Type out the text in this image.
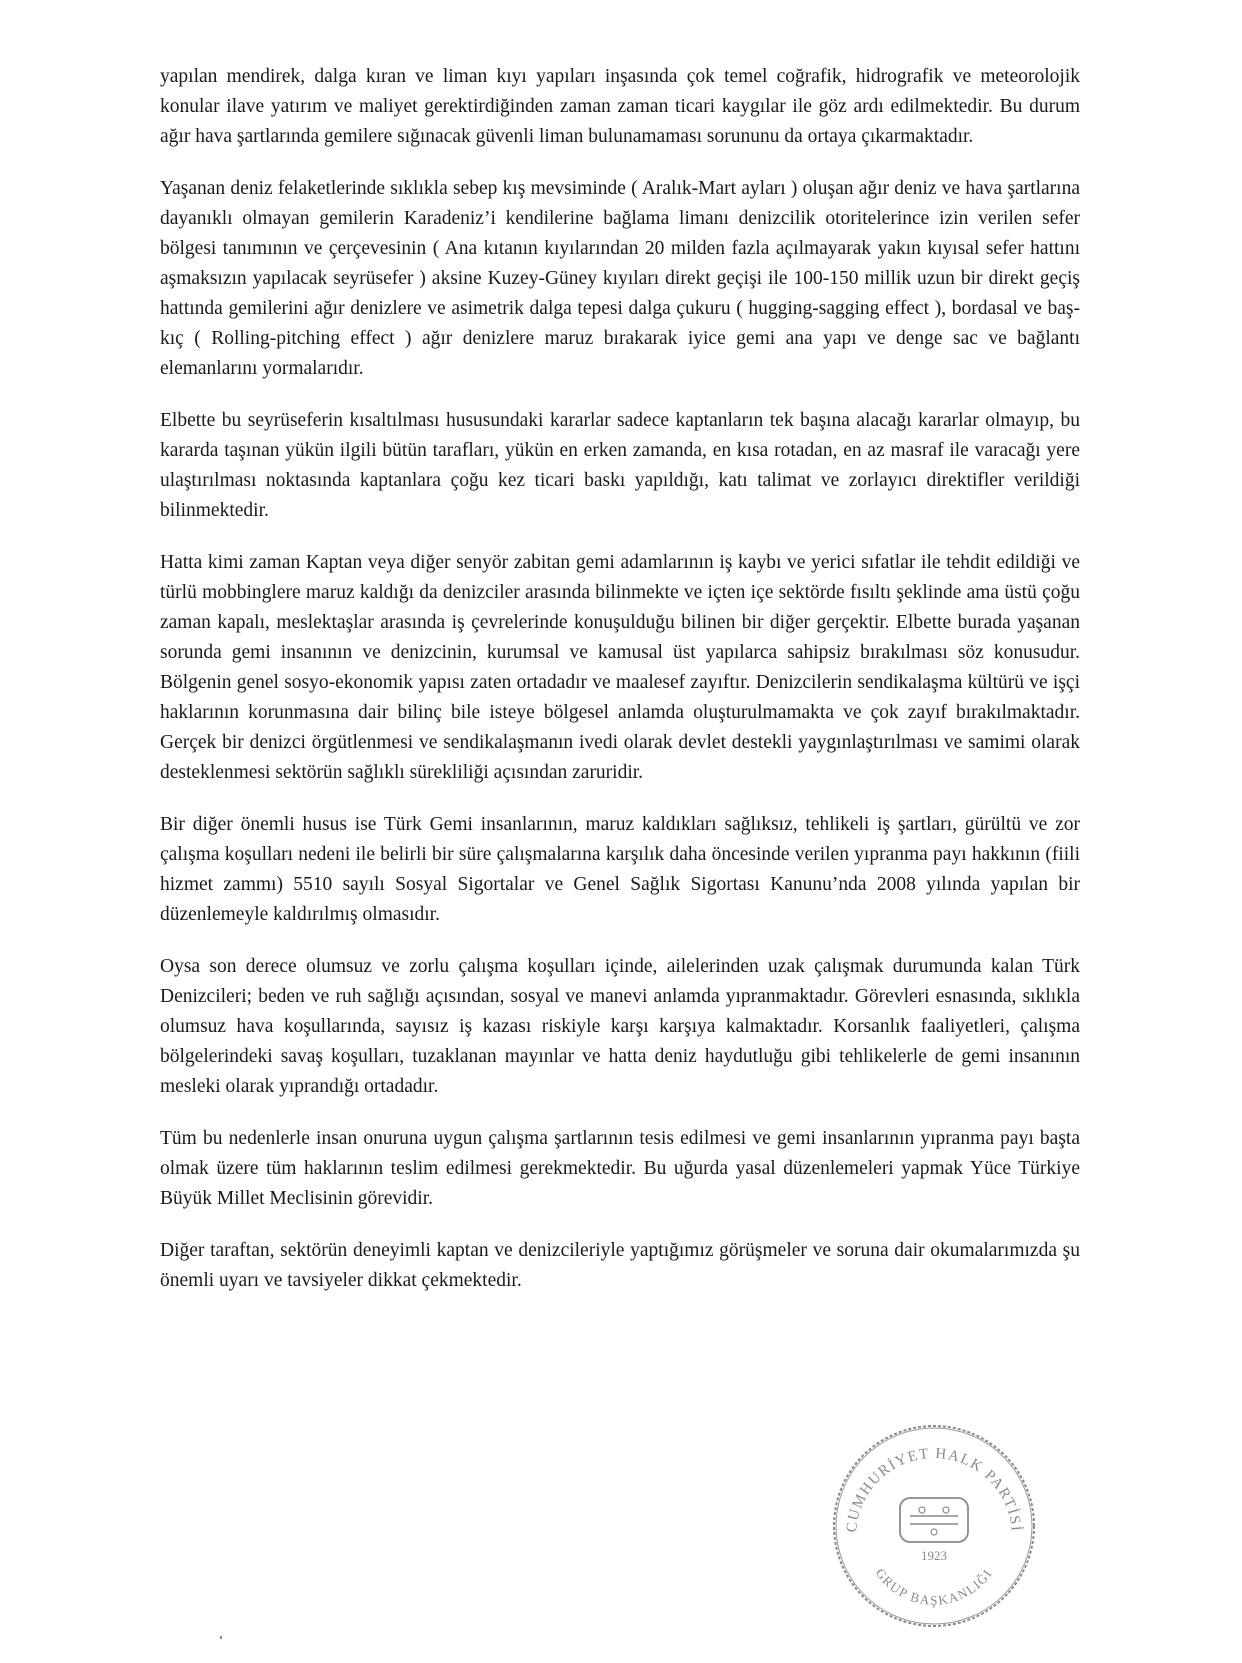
yapılan mendirek, dalga kıran ve liman kıyı yapıları inşasında çok temel coğrafik, hidrografik ve meteorolojik konular ilave yatırım ve maliyet gerektirdiğinden zaman zaman ticari kaygılar ile göz ardı edilmektedir. Bu durum ağır hava şartlarında gemilere sığınacak güvenli liman bulunamaması sorununu da ortaya çıkarmaktadır.

Yaşanan deniz felaketlerinde sıklıkla sebep kış mevsiminde ( Aralık-Mart ayları ) oluşan ağır deniz ve hava şartlarına dayanıklı olmayan gemilerin Karadeniz’i kendilerine bağlama limanı denizcilik otoritelerince izin verilen sefer bölgesi tanımının ve çerçevesinin ( Ana kıtanın kıyılarından 20 milden fazla açılmayarak yakın kıyısal sefer hattını aşmaksızın yapılacak seyrüsefer ) aksine Kuzey-Güney kıyıları direkt geçişi ile 100-150 millik uzun bir direkt geçiş hattında gemilerini ağır denizlere ve asimetrik dalga tepesi dalga çukuru ( hugging-sagging effect ), bordasal ve baş-kıç ( Rolling-pitching effect ) ağır denizlere maruz bırakarak iyice gemi ana yapı ve denge sac ve bağlantı elemanlarını yormalarıdır.

Elbette bu seyrüseferin kısaltılması hususundaki kararlar sadece kaptanların tek başına alacağı kararlar olmayıp, bu kararda taşınan yükün ilgili bütün tarafları, yükün en erken zamanda, en kısa rotadan, en az masraf ile varacağı yere ulaştırılması noktasında kaptanlara çoğu kez ticari baskı yapıldığı, katı talimat ve zorlayıcı direktifler verildiği bilinmektedir.

Hatta kimi zaman Kaptan veya diğer senyör zabitan gemi adamlarının iş kaybı ve yerici sıfatlar ile tehdit edildiği ve türlü mobbinglere maruz kaldığı da denizciler arasında bilinmekte ve içten içe sektörde fısıltı şeklinde ama üstü çoğu zaman kapalı, meslektaşlar arasında iş çevrelerinde konuşulduğu bilinen bir diğer gerçektir. Elbette burada yaşanan sorunda gemi insanının ve denizcinin, kurumsal ve kamusal üst yapılarca sahipsiz bırakılması söz konusudur. Bölgenin genel sosyo-ekonomik yapısı zaten ortadadır ve maalesef zayıftır. Denizcilerin sendikalaşma kültürü ve işçi haklarının korunmasına dair bilinç bile isteye bölgesel anlamda oluşturulmamakta ve çok zayıf bırakılmaktadır. Gerçek bir denizci örgütlenmesi ve sendikalaşmanın ivedi olarak devlet destekli yaygınlaştırılması ve samimi olarak desteklenmesi sektörün sağlıklı sürekliliği açısından zaruridir.

Bir diğer önemli husus ise Türk Gemi insanlarının, maruz kaldıkları sağlıksız, tehlikeli iş şartları, gürültü ve zor çalışma koşulları nedeni ile belirli bir süre çalışmalarına karşılık daha öncesinde verilen yıpranma payı hakkının (fiili hizmet zammı) 5510 sayılı Sosyal Sigortalar ve Genel Sağlık Sigortası Kanunu’nda 2008 yılında yapılan bir düzenlemeyle kaldırılmış olmasıdır.

Oysa son derece olumsuz ve zorlu çalışma koşulları içinde, ailelerinden uzak çalışmak durumunda kalan Türk Denizcileri; beden ve ruh sağlığı açısından, sosyal ve manevi anlamda yıpranmaktadır. Görevleri esnasında, sıklıkla olumsuz hava koşullarında, sayısız iş kazası riskiyle karşı karşıya kalmaktadır. Korsanlık faaliyetleri, çalışma bölgelerindeki savaş koşulları, tuzaklanan mayınlar ve hatta deniz haydutluğu gibi tehlikelerle de gemi insanının mesleki olarak yıprandığı ortadadır.

Tüm bu nedenlerle insan onuruna uygun çalışma şartlarının tesis edilmesi ve gemi insanlarının yıpranma payı başta olmak üzere tüm haklarının teslim edilmesi gerekmektedir. Bu uğurda yasal düzenlemeleri yapmak Yüce Türkiye Büyük Millet Meclisinin görevidir.

Diğer taraftan, sektörün deneyimli kaptan ve denizcileriyle yaptığımız görüşmeler ve soruna dair okumalarımızda şu önemli uyarı ve tavsiyeler dikkat çekmektedir.

CUMHURİYET HALK PARTİSİ
GRUP BAŞKANLIĞI
1923
